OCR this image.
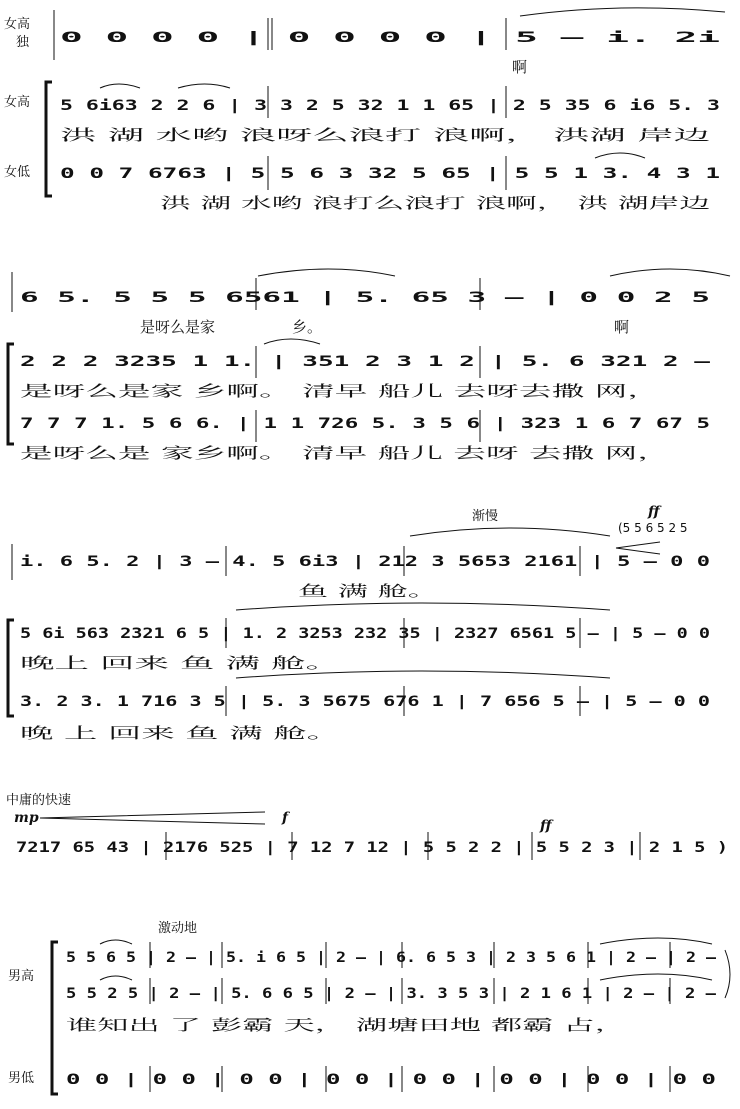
女高
独
女高
女低
0 0 0 0 | 0 0 0 0 | 5 – i. 2i
啊
5 6i63 2 2 6 | 3 3 2 5 32 1 1 65 | 2 5 35 6 i6 5. 3
洪 湖 水哟 浪呀么浪打 浪啊， 洪湖 岸边
0 0 7 6763 | 5 5 6 3 32 5 65 | 5 5 1 3. 4 3 1
洪 湖 水哟 浪打么浪打 浪啊， 洪 湖岸边
6 5. 5 5 5 6561 | 5. 65 3 – | 0 0 2 5
是呀么是家	乡。	啊
2 2 2 3235 1 1. | 351 2 3 1 2 | 5. 6 321 2 –
是呀么是家 乡啊。 清早 船儿 去呀去撒 网，
7 7 7 1. 5 6 6. | 1 1 726 5. 3 5 6 | 323 1 6 7 67 5
是呀么是 家乡啊。 清早 船儿 去呀 去撒 网，
渐慢	ff
(5 5 6 5 2 5
i. 6 5. 2 | 3 – 4. 5 6i3 | 212 3 5653 2161 | 5 – 0 0
鱼 满 舱。
5 6i 563 2321 6 5 | 1. 2 3253 232 35 | 2327 6561 5 – | 5 – 0 0
晚上 回来 鱼 满 舱。
3. 2 3. 1 716 3 5 | 5. 3 5675 676 1 | 7 656 5 – | 5 – 0 0
晚 上 回来 鱼 满 舱。
中庸的快速
mp	f	ff
7217 65 43 | 2176 525 | 7 12 7 12 | 5 5 2 2 | 5 5 2 3 | 2 1 5 )
激动地
男高
男低
5 5 6 5 | 2 – | 5. i 6 5 | 2 – | 6. 6 5 3 | 2 3 5 6 1 | 2 – | 2 –
5 5 2 5 | 2 – | 5. 6 6 5 | 2 – | 3. 3 5 3 | 2 1 6 1 | 2 – | 2 –
谁知出 了 彭霸 天， 湖塘田地 都霸 占，
0 0 | 0 0 | 0 0 | 0 0 | 0 0 | 0 0 | 0 0 | 0 0
